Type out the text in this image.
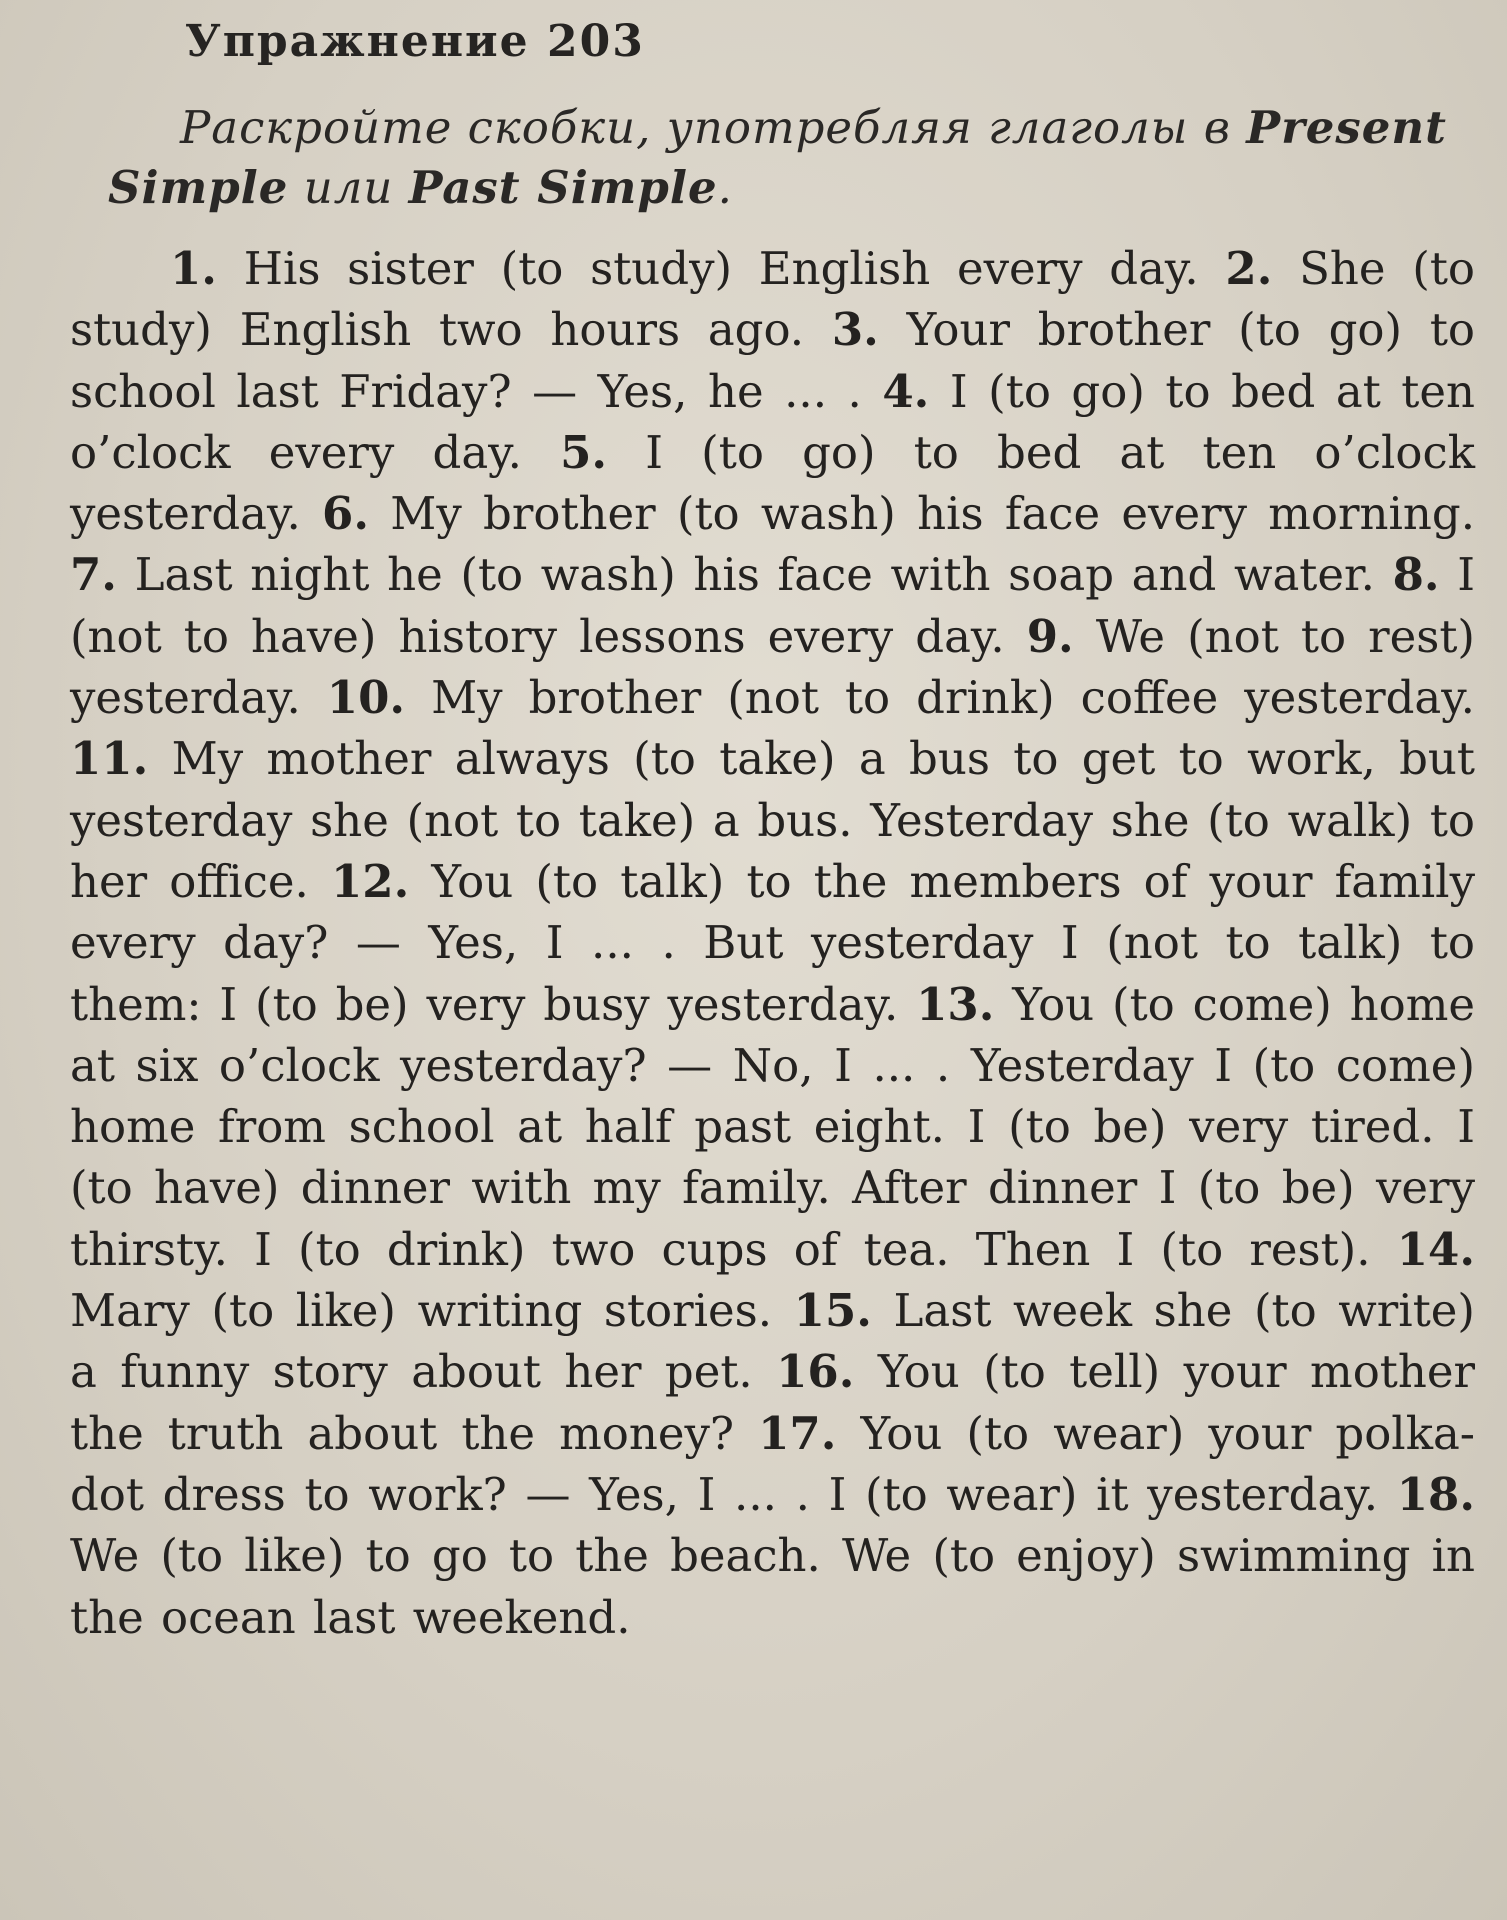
Упражнение 203

Раскройте скобки, употребляя глаголы в Present Simple или Past Simple.

1. His sister (to study) English every day. 2. She (to study) English two hours ago. 3. Your brother (to go) to school last Friday? — Yes, he ... . 4. I (to go) to bed at ten o’clock every day. 5. I (to go) to bed at ten o’clock yesterday. 6. My brother (to wash) his face every morning. 7. Last night he (to wash) his face with soap and water. 8. I (not to have) history lessons every day. 9. We (not to rest) yesterday. 10. My brother (not to drink) coffee yesterday. 11. My mother always (to take) a bus to get to work, but yesterday she (not to take) a bus. Yesterday she (to walk) to her office. 12. You (to talk) to the members of your family every day? — Yes, I ... . But yesterday I (not to talk) to them: I (to be) very busy yesterday. 13. You (to come) home at six o’clock yesterday? — No, I ... . Yesterday I (to come) home from school at half past eight. I (to be) very tired. I (to have) dinner with my family. After dinner I (to be) very thirsty. I (to drink) two cups of tea. Then I (to rest). 14. Mary (to like) writing stories. 15. Last week she (to write) a funny story about her pet. 16. You (to tell) your mother the truth about the money? 17. You (to wear) your polka-dot dress to work? — Yes, I ... . I (to wear) it yesterday. 18. We (to like) to go to the beach. We (to enjoy) swimming in the ocean last weekend.
